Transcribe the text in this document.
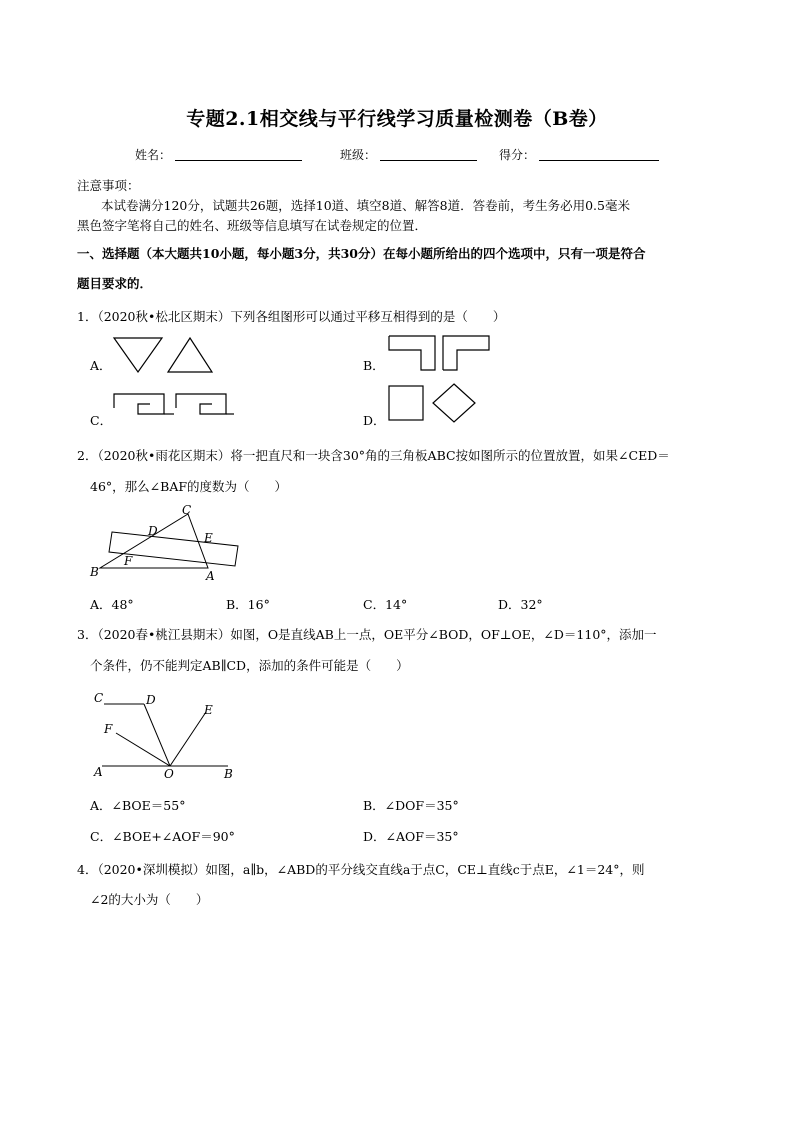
专题2.1相交线与平行线学习质量检测卷（B卷）
姓名：	班级：	得分：
注意事项：
本试卷满分120分，试题共26题，选择10道、填空8道、解答8道．答卷前，考生务必用0.5毫米
黑色签字笔将自己的姓名、班级等信息填写在试卷规定的位置．
一、选择题（本大题共10小题，每小题3分，共30分）在每小题所给出的四个选项中，只有一项是符合
题目要求的．
1．（2020秋•松北区期末）下列各组图形可以通过平移互相得到的是（　　）
A．	B．
C．	D．
2．（2020秋•雨花区期末）将一把直尺和一块含30°角的三角板ABC按如图所示的位置放置，如果∠CED＝
46°，那么∠BAF的度数为（　　）
C
D	E
F
B	A
A．48°	B．16°	C．14°	D．32°
3．（2020春•桃江县期末）如图，O是直线AB上一点，OE平分∠BOD，OF⊥OE，∠D＝110°，添加一
个条件，仍不能判定AB∥CD，添加的条件可能是（　　）
C	D
E
F
A	O	B
A．∠BOE＝55°	B．∠DOF＝35°
C．∠BOE+∠AOF＝90°	D．∠AOF＝35°
4．（2020•深圳模拟）如图，a∥b，∠ABD的平分线交直线a于点C，CE⊥直线c于点E，∠1＝24°，则
∠2的大小为（　　）
